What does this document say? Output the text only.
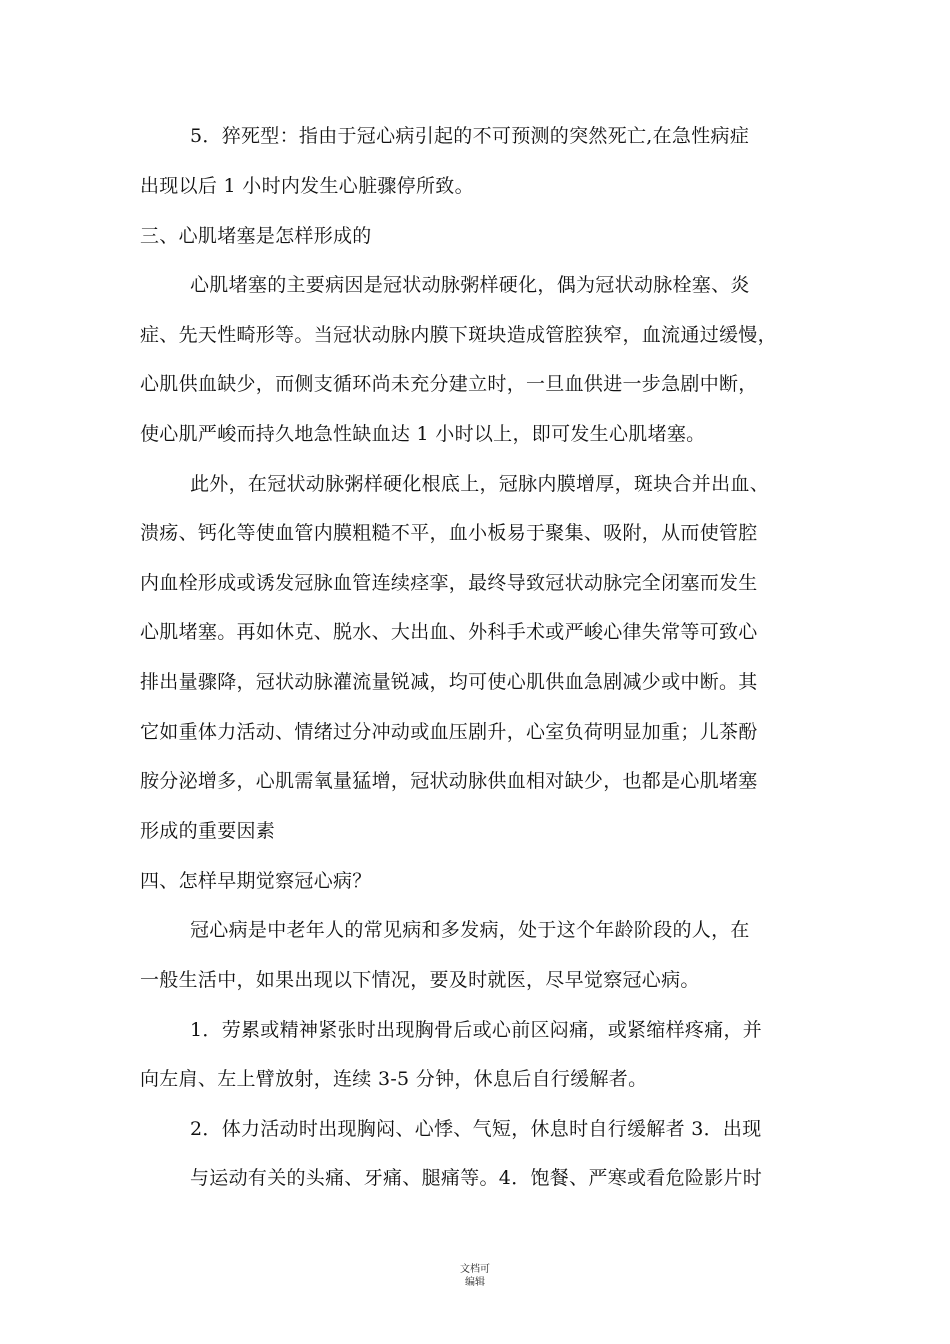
5．猝死型：指由于冠心病引起的不可预测的突然死亡,在急性病症
出现以后 1 小时内发生心脏骤停所致。
三、心肌堵塞是怎样形成的
心肌堵塞的主要病因是冠状动脉粥样硬化，偶为冠状动脉栓塞、炎
症、先天性畸形等。当冠状动脉内膜下斑块造成管腔狭窄，血流通过缓慢，
心肌供血缺少，而侧支循环尚未充分建立时，一旦血供进一步急剧中断，
使心肌严峻而持久地急性缺血达 1 小时以上，即可发生心肌堵塞。
此外，在冠状动脉粥样硬化根底上，冠脉内膜增厚，斑块合并出血、
溃疡、钙化等使血管内膜粗糙不平，血小板易于聚集、吸附，从而使管腔
内血栓形成或诱发冠脉血管连续痉挛，最终导致冠状动脉完全闭塞而发生
心肌堵塞。再如休克、脱水、大出血、外科手术或严峻心律失常等可致心
排出量骤降，冠状动脉灌流量锐减，均可使心肌供血急剧减少或中断。其
它如重体力活动、情绪过分冲动或血压剧升，心室负荷明显加重；儿茶酚
胺分泌增多，心肌需氧量猛增，冠状动脉供血相对缺少，也都是心肌堵塞
形成的重要因素
四、怎样早期觉察冠心病？
冠心病是中老年人的常见病和多发病，处于这个年龄阶段的人，在
一般生活中，如果出现以下情况，要及时就医，尽早觉察冠心病。
1．劳累或精神紧张时出现胸骨后或心前区闷痛，或紧缩样疼痛，并
向左肩、左上臂放射，连续 3-5 分钟，休息后自行缓解者。
2．体力活动时出现胸闷、心悸、气短，休息时自行缓解者 3．出现
与运动有关的头痛、牙痛、腿痛等。4．饱餐、严寒或看危险影片时
文档可
编辑
